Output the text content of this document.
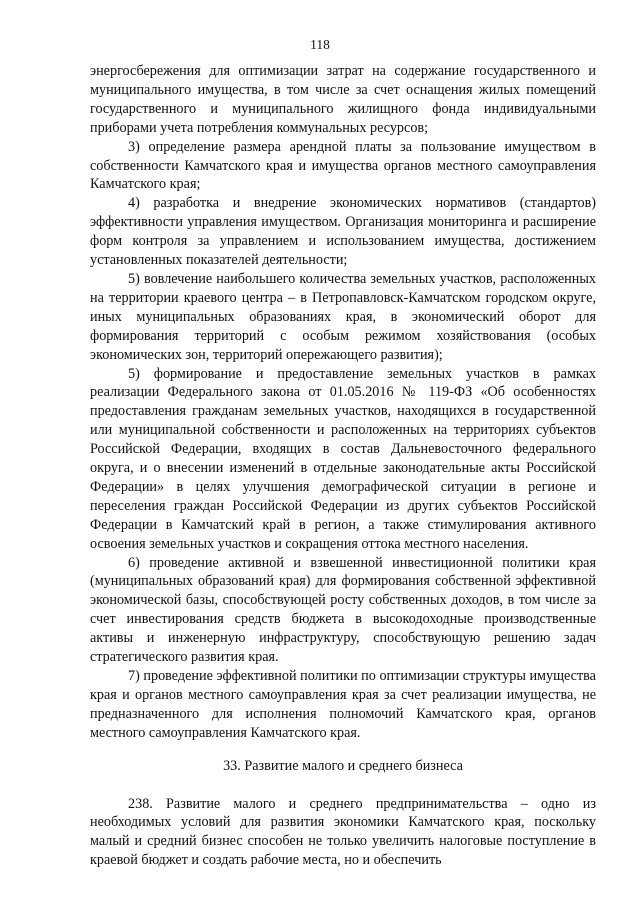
118

энергосбережения для оптимизации затрат на содержание государственного и муниципального имущества, в том числе за счет оснащения жилых помещений государственного и муниципального жилищного фонда индивидуальными приборами учета потребления коммунальных ресурсов;

3) определение размера арендной платы за пользование имуществом в собственности Камчатского края и имущества органов местного самоуправления Камчатского края;

4) разработка и внедрение экономических нормативов (стандартов) эффективности управления имуществом. Организация мониторинга и расширение форм контроля за управлением и использованием имущества, достижением установленных показателей деятельности;

5) вовлечение наибольшего количества земельных участков, расположенных на территории краевого центра – в Петропавловск-Камчатском городском округе, иных муниципальных образованиях края, в экономический оборот для формирования территорий с особым режимом хозяйствования (особых экономических зон, территорий опережающего развития);

5) формирование и предоставление земельных участков в рамках реализации Федерального закона от 01.05.2016 № 119-ФЗ «Об особенностях предоставления гражданам земельных участков, находящихся в государственной или муниципальной собственности и расположенных на территориях субъектов Российской Федерации, входящих в состав Дальневосточного федерального округа, и о внесении изменений в отдельные законодательные акты Российской Федерации» в целях улучшения демографической ситуации в регионе и переселения граждан Российской Федерации из других субъектов Российской Федерации в Камчатский край в регион, а также стимулирования активного освоения земельных участков и сокращения оттока местного населения.

6) проведение активной и взвешенной инвестиционной политики края (муниципальных образований края) для формирования собственной эффективной экономической базы, способствующей росту собственных доходов, в том числе за счет инвестирования средств бюджета в высокодоходные производственные активы и инженерную инфраструктуру, способствующую решению задач стратегического развития края.

7) проведение эффективной политики по оптимизации структуры имущества края и органов местного самоуправления края за счет реализации имущества, не предназначенного для исполнения полномочий Камчатского края, органов местного самоуправления Камчатского края.

33. Развитие малого и среднего бизнеса

238. Развитие малого и среднего предпринимательства – одно из необходимых условий для развития экономики Камчатского края, поскольку малый и средний бизнес способен не только увеличить налоговые поступление в краевой бюджет и создать рабочие места, но и обеспечить
